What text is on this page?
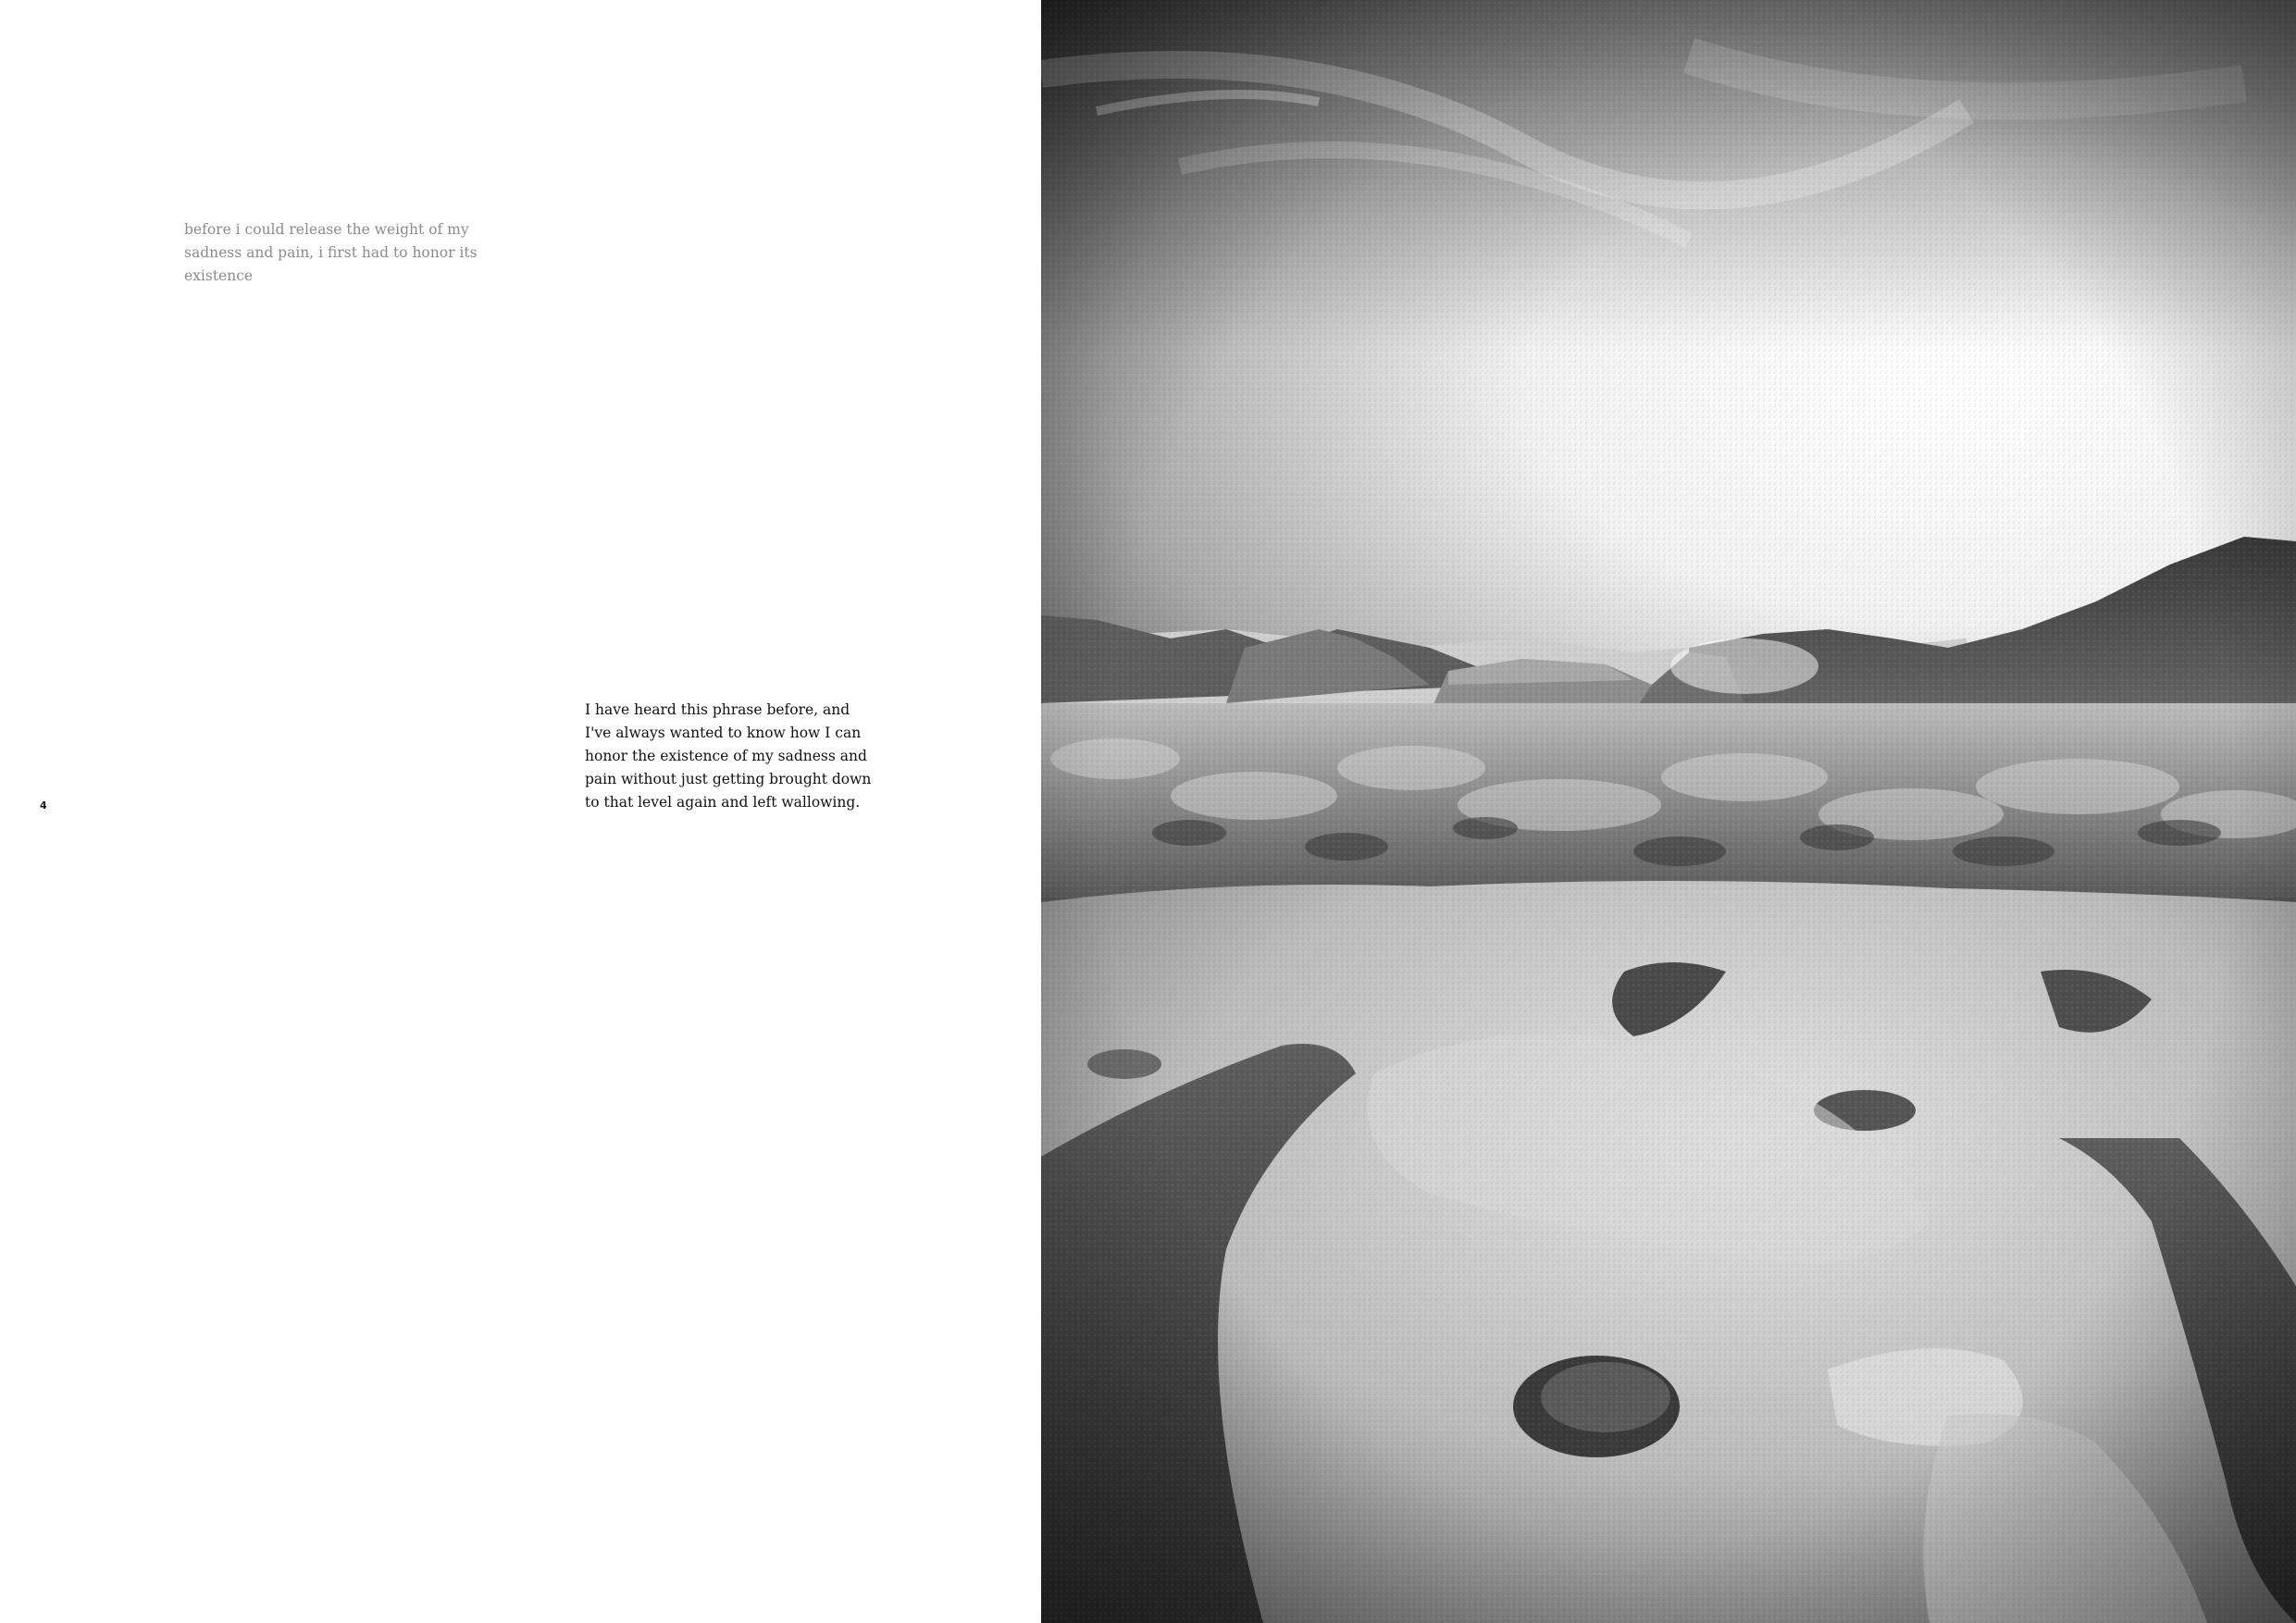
before i could release the weight of my sadness and pain, i first had to honor its existence

I have heard this phrase before, and I've always wanted to know how I can honor the existence of my sadness and pain without just getting brought down to that level again and left wallowing.

4
